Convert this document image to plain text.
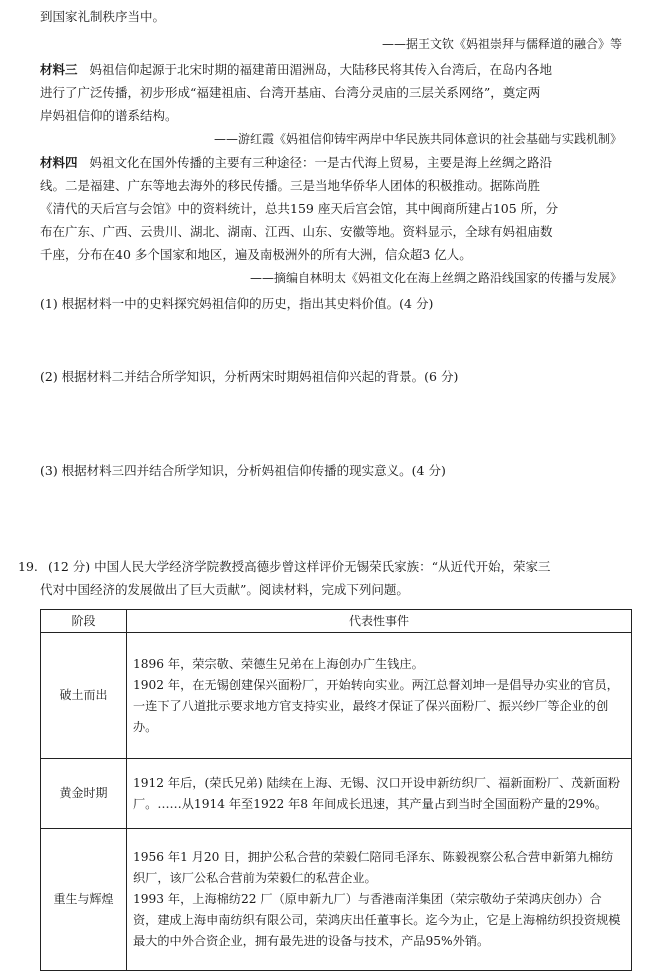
到国家礼制秩序当中。
——据王文钦《妈祖崇拜与儒释道的融合》等
材料三 妈祖信仰起源于北宋时期的福建莆田湄洲岛，大陆移民将其传入台湾后，在岛内各地
进行了广泛传播，初步形成“福建祖庙、台湾开基庙、台湾分灵庙的三层关系网络”，奠定两
岸妈祖信仰的谱系结构。
——游红霞《妈祖信仰铸牢两岸中华民族共同体意识的社会基础与实践机制》
材料四 妈祖文化在国外传播的主要有三种途径：一是古代海上贸易，主要是海上丝绸之路沿
线。二是福建、广东等地去海外的移民传播。三是当地华侨华人团体的积极推动。据陈尚胜
《清代的天后宫与会馆》中的资料统计，总共159 座天后宫会馆，其中闽商所建占105 所，分
布在广东、广西、云贵川、湖北、湖南、江西、山东、安徽等地。资料显示，全球有妈祖庙数
千座，分布在40 多个国家和地区，遍及南极洲外的所有大洲，信众超3 亿人。
——摘编自林明太《妈祖文化在海上丝绸之路沿线国家的传播与发展》
(1) 根据材料一中的史料探究妈祖信仰的历史，指出其史料价值。(4 分)
(2) 根据材料二并结合所学知识，分析两宋时期妈祖信仰兴起的背景。(6 分)
(3) 根据材料三四并结合所学知识，分析妈祖信仰传播的现实意义。(4 分)
19. (12 分) 中国人民大学经济学院教授高德步曾这样评价无锡荣氏家族：“从近代开始，荣家三
代对中国经济的发展做出了巨大贡献”。阅读材料，完成下列问题。
阶段	代表性事件
破土而出	1896 年，荣宗敬、荣德生兄弟在上海创办广生钱庄。

1902 年，在无锡创建保兴面粉厂，开始转向实业。两江总督刘坤一是倡导办实业的官员，一连下了八道批示要求地方官支持实业，最终才保证了保兴面粉厂、振兴纱厂等企业的创办。

黄金时期	1912 年后，(荣氏兄弟) 陆续在上海、无锡、汉口开设申新纺织厂、福新面粉厂、茂新面粉厂。……从1914 年至1922 年8 年间成长迅速，其产量占到当时全国面粉产量的29%。

重生与辉煌	1956 年1 月20 日，拥护公私合营的荣毅仁陪同毛泽东、陈毅视察公私合营申新第九棉纺织厂，该厂公私合营前为荣毅仁的私营企业。

1993 年，上海棉纺22 厂（原申新九厂）与香港南洋集团（荣宗敬幼子荣鸿庆创办）合资，建成上海申南纺织有限公司，荣鸿庆出任董事长。迄今为止，它是上海棉纺织投资规模最大的中外合资企业，拥有最先进的设备与技术，产品95%外销。
